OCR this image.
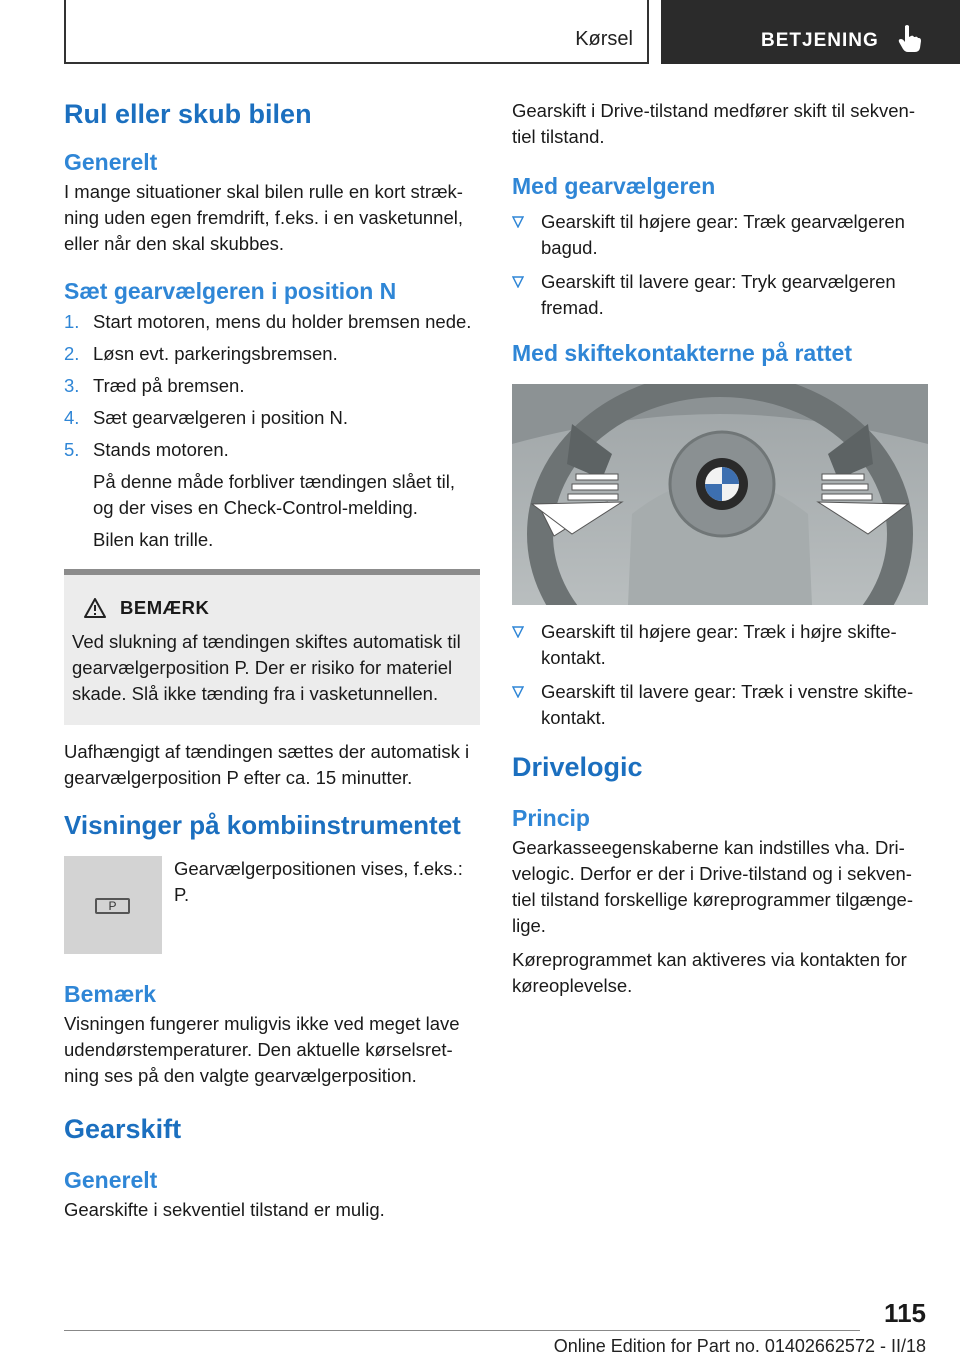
Kørsel	BETJENING
Rul eller skub bilen
Generelt

I mange situationer skal bilen rulle en kort strækning uden egen fremdrift, f.eks. i en vasketunnel, eller når den skal skubbes.

Sæt gearvælgeren i position N
1. Start motoren, mens du holder bremsen nede.
2. Løsn evt. parkeringsbremsen.
3. Træd på bremsen.
4. Sæt gearvælgeren i position N.
5. Stands motoren.

På denne måde forbliver tændingen slået til, og der vises en Check-Control-melding.

Bilen kan trille.

BEMÆRK

Ved slukning af tændingen skiftes automatisk til gearvælgerposition P. Der er risiko for materiel skade. Slå ikke tænding fra i vasketunnellen.

Uafhængigt af tændingen sættes der automatisk i gearvælgerposition P efter ca. 15 minutter.

Visninger på kombiinstrumentet
P

Gearvælgerpositionen vises, f.eks.: P.

Bemærk

Visningen fungerer muligvis ikke ved meget lave udendørstemperaturer. Den aktuelle kørselsretning ses på den valgte gearvælgerposition.

Gearskift
Generelt

Gearskifte i sekventiel tilstand er mulig.

Gearskift i Drive-tilstand medfører skift til sekventiel tilstand.

Med gearvælgeren
Gearskift til højere gear: Træk gearvælgeren bagud.
Gearskift til lavere gear: Tryk gearvælgeren fremad.
Med skiftekontakterne på rattet
Gearskift til højere gear: Træk i højre skiftekontakt.
Gearskift til lavere gear: Træk i venstre skiftekontakt.
Drivelogic
Princip

Gearkasseegenskaberne kan indstilles vha. Drivelogic. Derfor er der i Drive-tilstand og i sekventiel tilstand forskellige køreprogrammer tilgængelige.

Køreprogrammet kan aktiveres via kontakten for køreoplevelse.

115
Online Edition for Part no. 01402662572 - II/18
